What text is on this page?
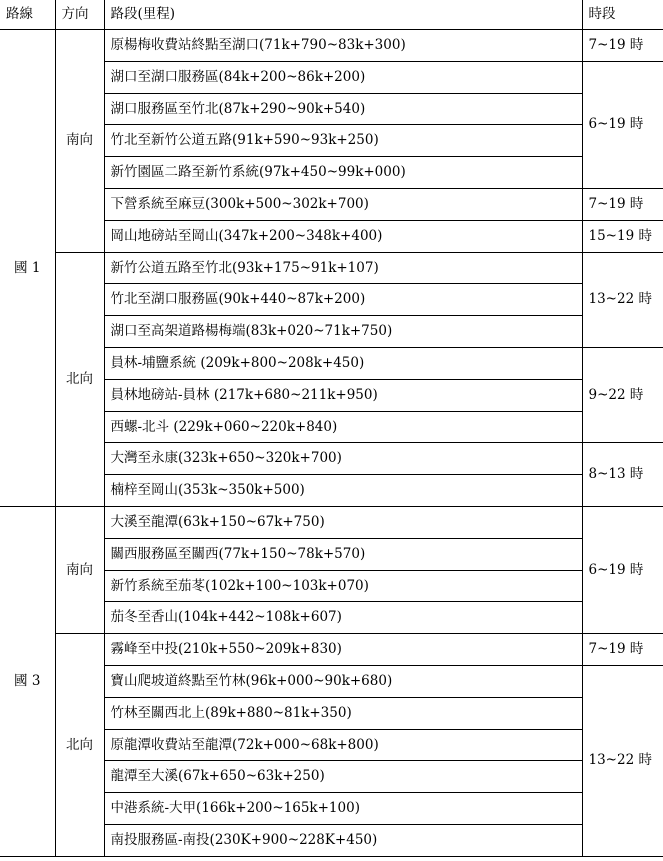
路線	方向	路段(里程)	時段
國 1	南向	原楊梅收費站終點至湖口(71k+790~83k+300)	7~19 時
		湖口至湖口服務區(84k+200~86k+200)	6~19 時
		湖口服務區至竹北(87k+290~90k+540)	
		竹北至新竹公道五路(91k+590~93k+250)	
		新竹園區二路至新竹系統(97k+450~99k+000)	
		下營系統至麻豆(300k+500~302k+700)	7~19 時
		岡山地磅站至岡山(347k+200~348k+400)	15~19 時
	北向	新竹公道五路至竹北(93k+175~91k+107)	13~22 時
		竹北至湖口服務區(90k+440~87k+200)	
		湖口至高架道路楊梅端(83k+020~71k+750)	
		員林-埔鹽系統 (209k+800~208k+450)	9~22 時
		員林地磅站-員林 (217k+680~211k+950)	
		西螺-北斗 (229k+060~220k+840)	
		大灣至永康(323k+650~320k+700)	8~13 時
		楠梓至岡山(353k~350k+500)	
國 3	南向	大溪至龍潭(63k+150~67k+750)	6~19 時
		關西服務區至關西(77k+150~78k+570)	
		新竹系統至茄苳(102k+100~103k+070)	
		茄冬至香山(104k+442~108k+607)	
	北向	霧峰至中投(210k+550~209k+830)	7~19 時
		寶山爬坡道終點至竹林(96k+000~90k+680)	13~22 時
		竹林至關西北上(89k+880~81k+350)	
		原龍潭收費站至龍潭(72k+000~68k+800)	
		龍潭至大溪(67k+650~63k+250)	
		中港系統-大甲(166k+200~165k+100)	
		南投服務區-南投(230K+900~228K+450)	
